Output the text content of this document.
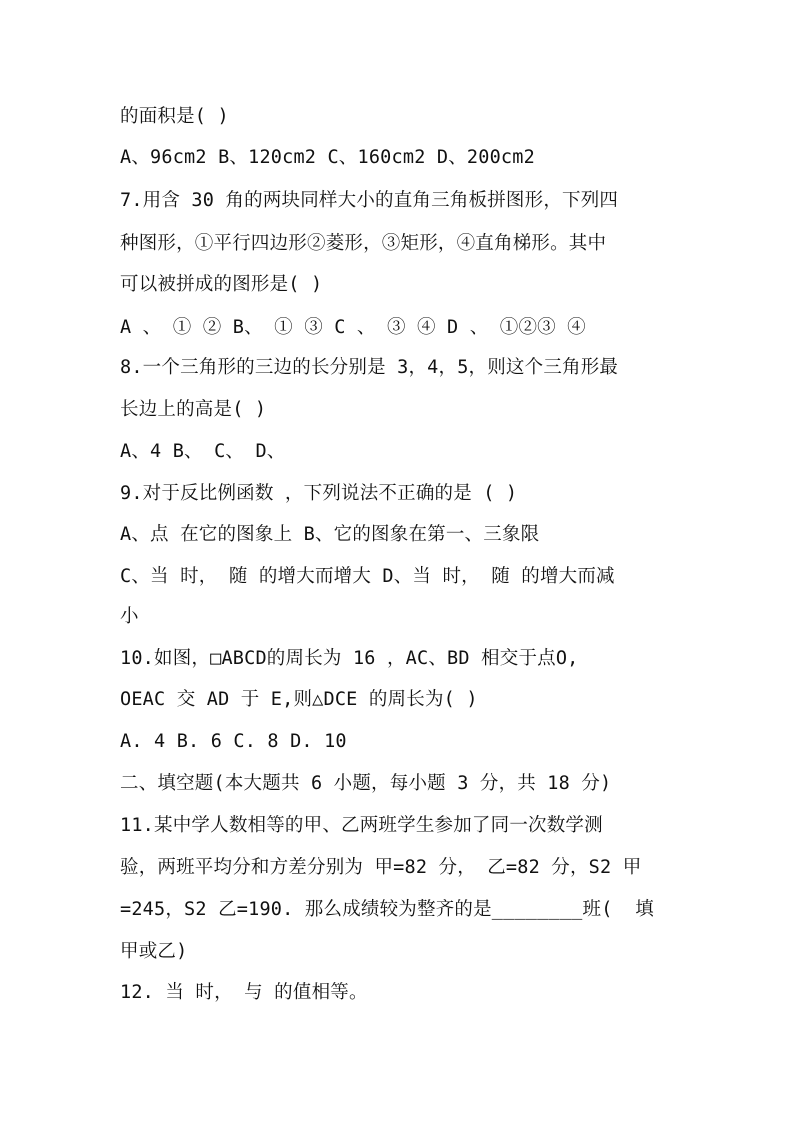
的面积是( )
A、96cm2 B、120cm2 C、160cm2 D、200cm2
7.用含 30 角的两块同样大小的直角三角板拼图形，下列四
种图形，①平行四边形②菱形，③矩形，④直角梯形。其中
可以被拼成的图形是( )
A 、 ① ② B、 ① ③ C 、 ③ ④ D 、 ①②③ ④
8.一个三角形的三边的长分别是 3，4，5，则这个三角形最
长边上的高是( )
A、4 B、 C、 D、
9.对于反比例函数 ，下列说法不正确的是 ( )
A、点 在它的图象上 B、它的图象在第一、三象限
C、当 时， 随 的增大而增大 D、当 时， 随 的增大而减
小
10.如图，□ABCD的周长为 16 ，AC、BD 相交于点O,
OEAC 交 AD 于 E,则△DCE 的周长为( )
A. 4 B. 6 C. 8 D. 10
二、填空题(本大题共 6 小题，每小题 3 分，共 18 分)
11.某中学人数相等的甲、乙两班学生参加了同一次数学测
验，两班平均分和方差分别为 甲=82 分， 乙=82 分，S2 甲
=245，S2 乙=190. 那么成绩较为整齐的是________班(  填
甲或乙)
12. 当 时， 与 的值相等。
